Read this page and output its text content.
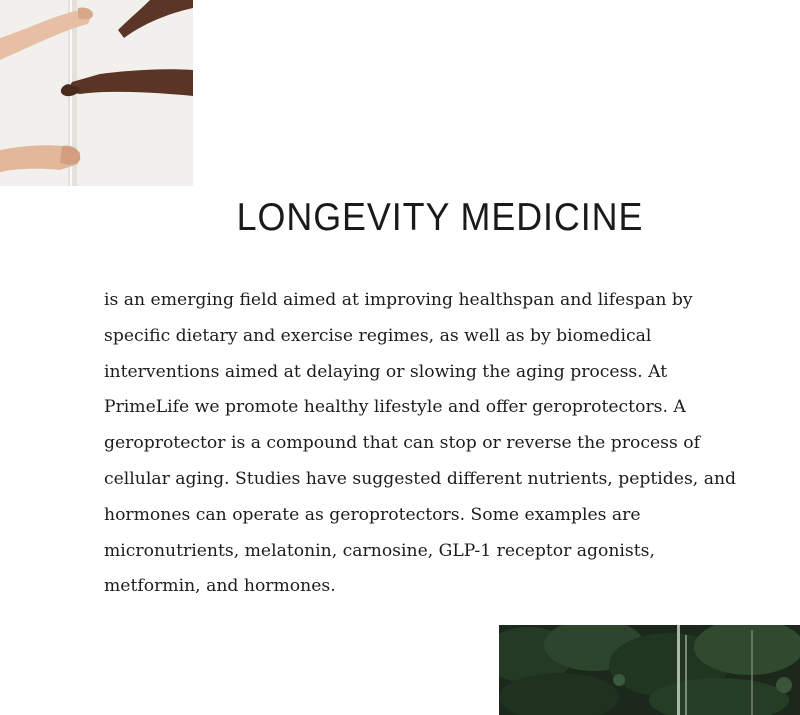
LONGEVITY MEDICINE

is an emerging field aimed at improving healthspan and lifespan by
specific dietary and exercise regimes, as well as by biomedical
interventions aimed at delaying or slowing the aging process. At
PrimeLife we promote healthy lifestyle and offer geroprotectors. A
geroprotector is a compound that can stop or reverse the process of
cellular aging. Studies have suggested different nutrients, peptides, and
hormones can operate as geroprotectors. Some examples are
micronutrients, melatonin, carnosine, GLP-1 receptor agonists,
metformin, and hormones.
